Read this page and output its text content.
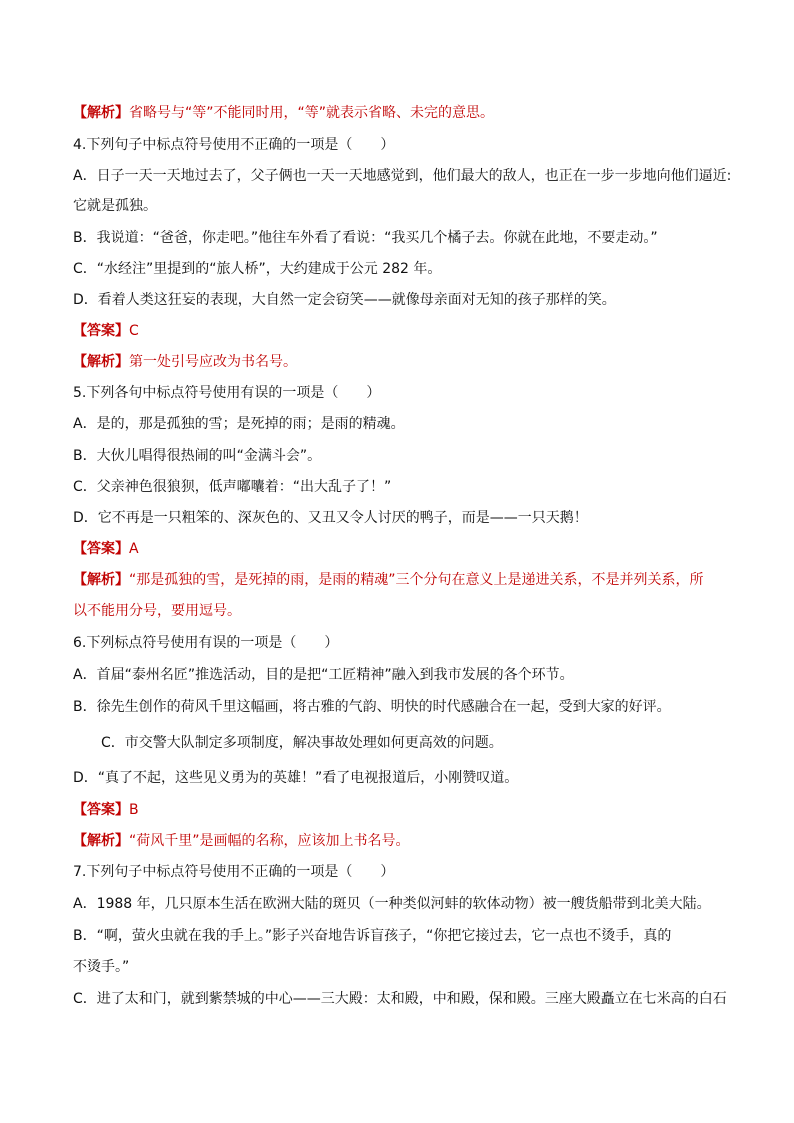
【解析】省略号与“等”不能同时用，“等”就表示省略、未完的意思。
4.下列句子中标点符号使用不正确的一项是（　　）
A．日子一天一天地过去了，父子俩也一天一天地感觉到，他们最大的敌人，也正在一步一步地向他们逼近:
它就是孤独。
B．我说道：“爸爸，你走吧。”他往车外看了看说：“我买几个橘子去。你就在此地，不要走动。”
C．“水经注”里提到的“旅人桥”，大约建成于公元 282 年。
D．看着人类这狂妄的表现，大自然一定会窃笑——就像母亲面对无知的孩子那样的笑。
【答案】C
【解析】第一处引号应改为书名号。
5.下列各句中标点符号使用有误的一项是（　　）
A．是的，那是孤独的雪；是死掉的雨；是雨的精魂。
B．大伙儿唱得很热闹的叫“金满斗会”。
C．父亲神色很狼狈，低声嘟囔着：“出大乱子了！”
D．它不再是一只粗笨的、深灰色的、又丑又令人讨厌的鸭子，而是——一只天鹅！
【答案】A
【解析】“那是孤独的雪，是死掉的雨，是雨的精魂”三个分句在意义上是递进关系，不是并列关系，所
以不能用分号，要用逗号。
6.下列标点符号使用有误的一项是（　　）
A．首届“泰州名匠”推选活动，目的是把“工匠精神”融入到我市发展的各个环节。
B．徐先生创作的荷风千里这幅画，将古雅的气韵、明快的时代感融合在一起，受到大家的好评。
C．市交警大队制定多项制度，解决事故处理如何更高效的问题。
D．“真了不起，这些见义勇为的英雄！”看了电视报道后，小刚赞叹道。
【答案】B
【解析】“荷风千里”是画幅的名称，应该加上书名号。
7.下列句子中标点符号使用不正确的一项是（　　）
A．1988 年，几只原本生活在欧洲大陆的斑贝（一种类似河蚌的软体动物）被一艘货船带到北美大陆。
B．“啊，萤火虫就在我的手上。”影子兴奋地告诉盲孩子，“你把它接过去，它一点也不烫手，真的
不烫手。”
C．进了太和门，就到紫禁城的中心——三大殿：太和殿，中和殿，保和殿。三座大殿矗立在七米高的白石
